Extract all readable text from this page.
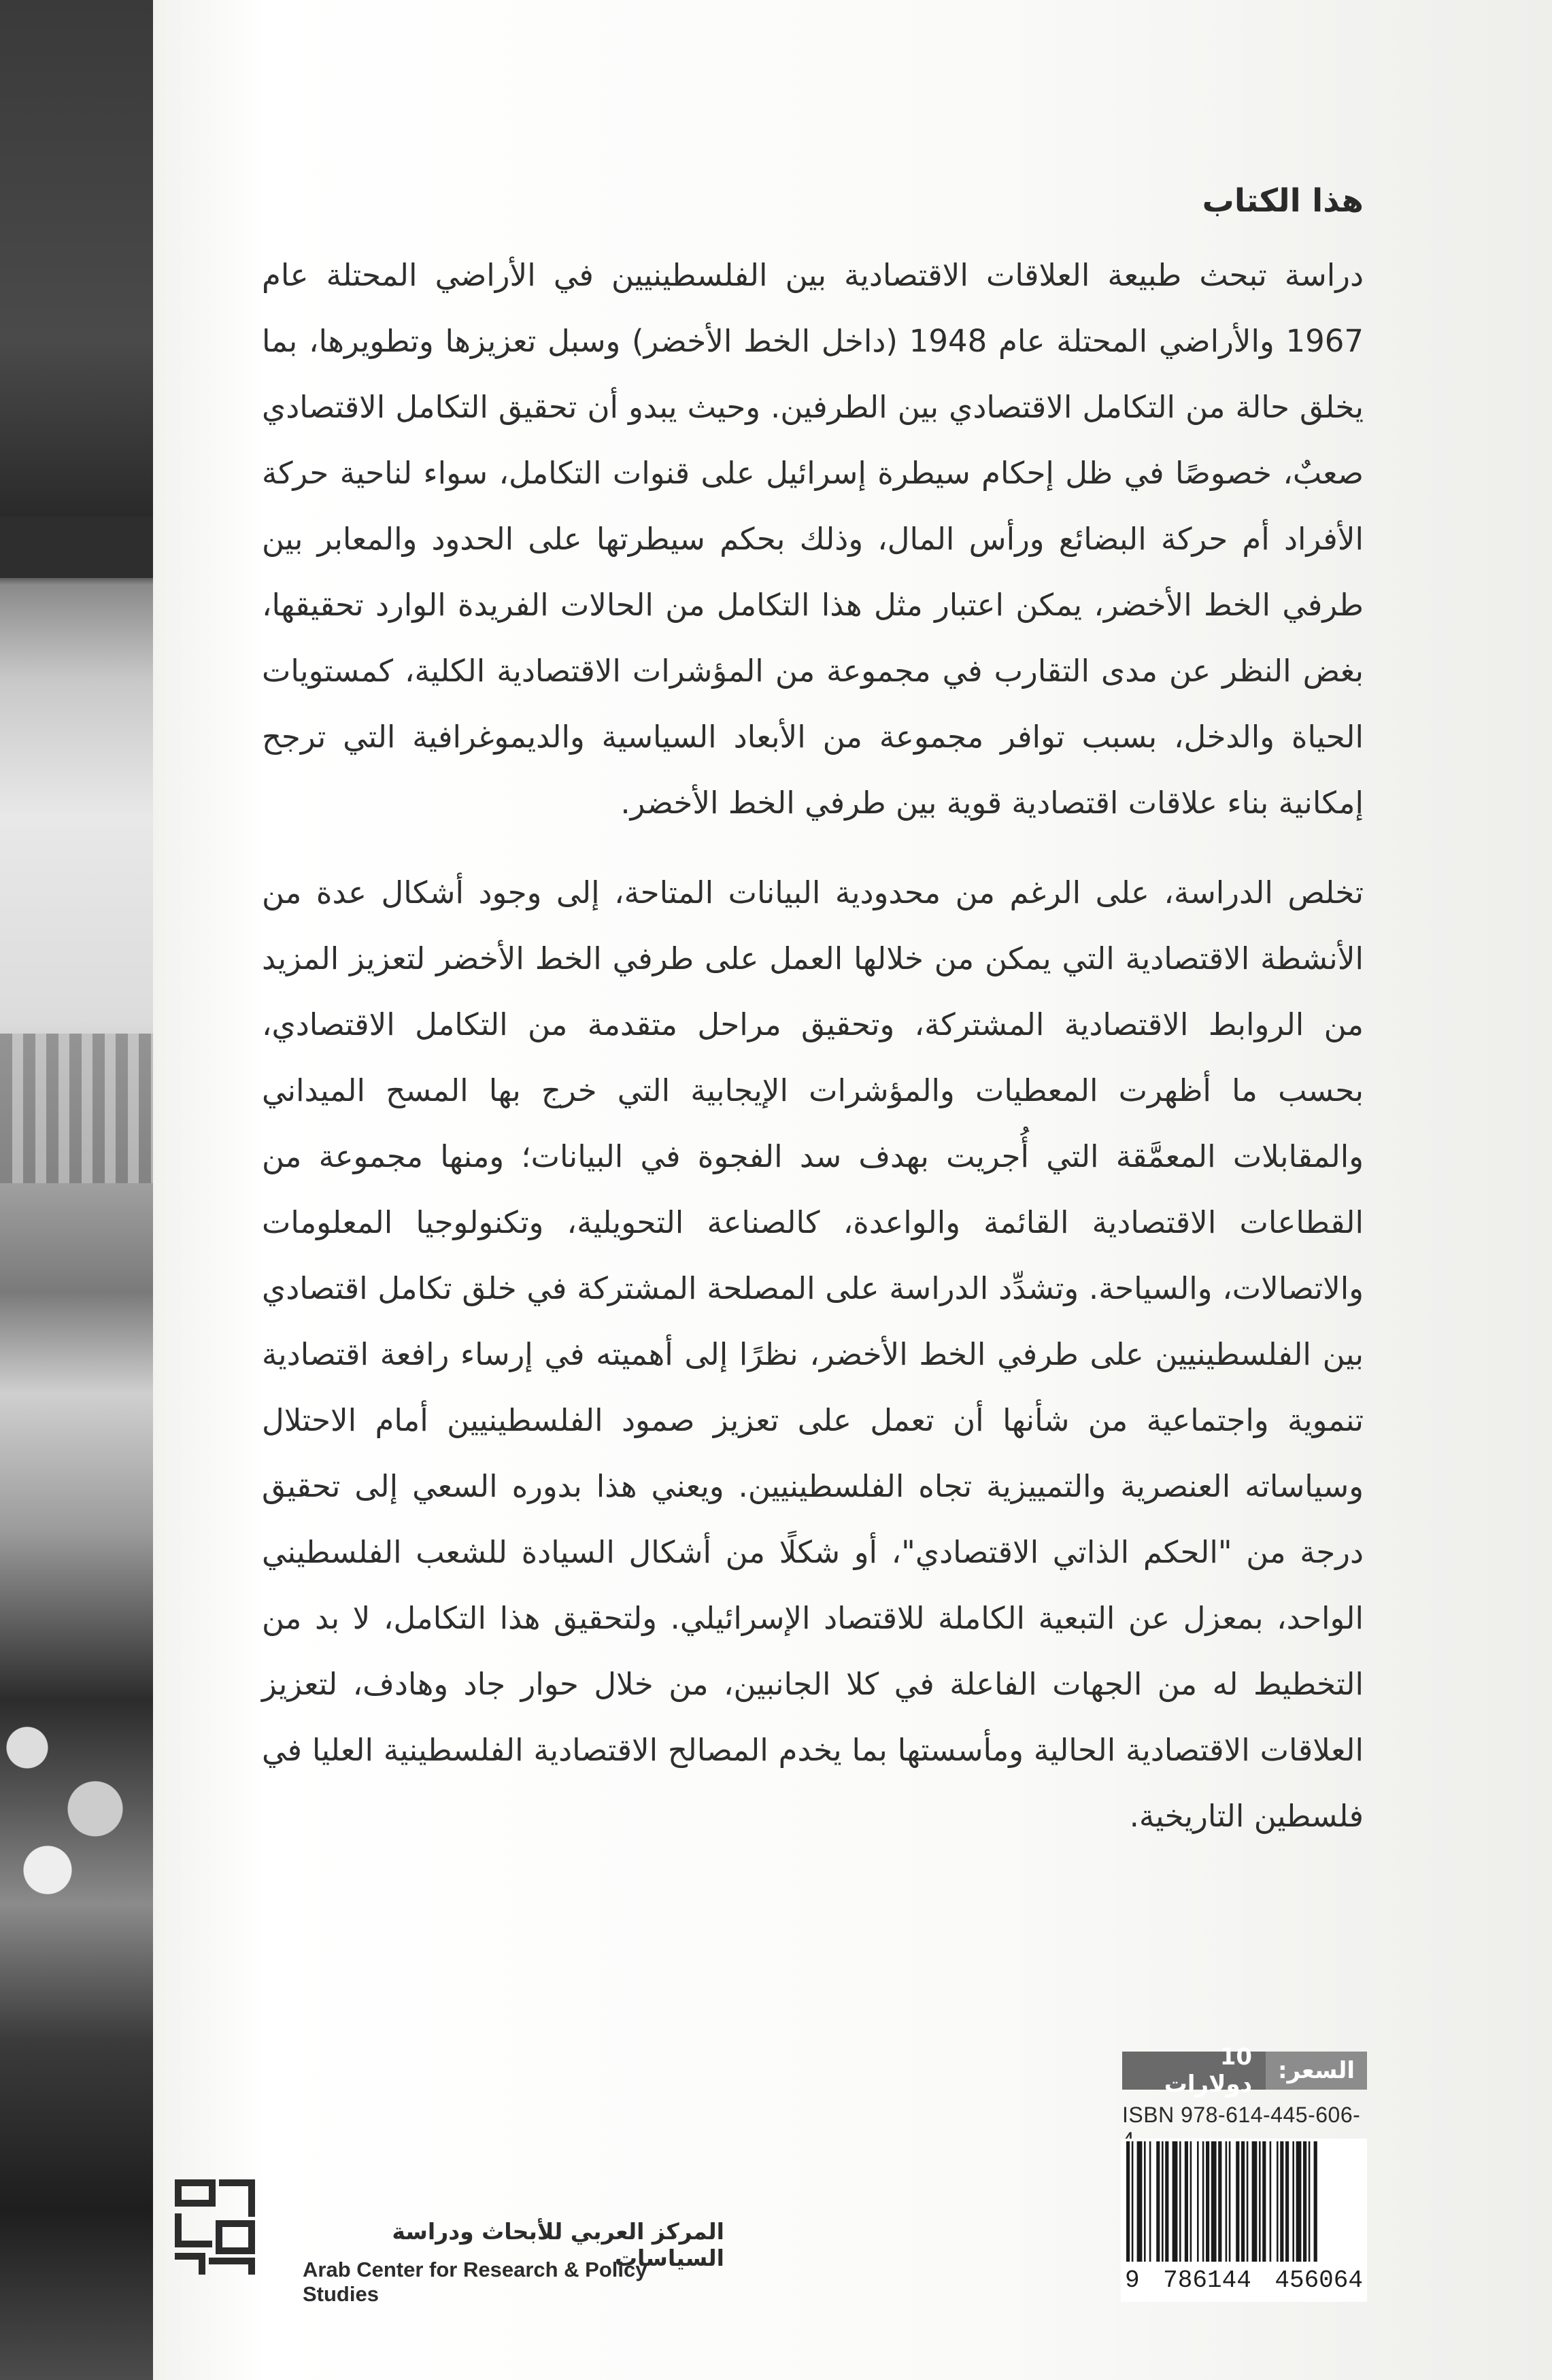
هذا الكتاب

دراسة تبحث طبيعة العلاقات الاقتصادية بين الفلسطينيين في الأراضي المحتلة عام 1967 والأراضي المحتلة عام 1948 (داخل الخط الأخضر) وسبل تعزيزها وتطويرها، بما يخلق حالة من التكامل الاقتصادي بين الطرفين. وحيث يبدو أن تحقيق التكامل الاقتصادي صعبٌ، خصوصًا في ظل إحكام سيطرة إسرائيل على قنوات التكامل، سواء لناحية حركة الأفراد أم حركة البضائع ورأس المال، وذلك بحكم سيطرتها على الحدود والمعابر بين طرفي الخط الأخضر، يمكن اعتبار مثل هذا التكامل من الحالات الفريدة الوارد تحقيقها، بغض النظر عن مدى التقارب في مجموعة من المؤشرات الاقتصادية الكلية، كمستويات الحياة والدخل، بسبب توافر مجموعة من الأبعاد السياسية والديموغرافية التي ترجح إمكانية بناء علاقات اقتصادية قوية بين طرفي الخط الأخضر.

تخلص الدراسة، على الرغم من محدودية البيانات المتاحة، إلى وجود أشكال عدة من الأنشطة الاقتصادية التي يمكن من خلالها العمل على طرفي الخط الأخضر لتعزيز المزيد من الروابط الاقتصادية المشتركة، وتحقيق مراحل متقدمة من التكامل الاقتصادي، بحسب ما أظهرت المعطيات والمؤشرات الإيجابية التي خرج بها المسح الميداني والمقابلات المعمَّقة التي أُجريت بهدف سد الفجوة في البيانات؛ ومنها مجموعة من القطاعات الاقتصادية القائمة والواعدة، كالصناعة التحويلية، وتكنولوجيا المعلومات والاتصالات، والسياحة. وتشدِّد الدراسة على المصلحة المشتركة في خلق تكامل اقتصادي بين الفلسطينيين على طرفي الخط الأخضر، نظرًا إلى أهميته في إرساء رافعة اقتصادية تنموية واجتماعية من شأنها أن تعمل على تعزيز صمود الفلسطينيين أمام الاحتلال وسياساته العنصرية والتمييزية تجاه الفلسطينيين. ويعني هذا بدوره السعي إلى تحقيق درجة من "الحكم الذاتي الاقتصادي"، أو شكلًا من أشكال السيادة للشعب الفلسطيني الواحد، بمعزل عن التبعية الكاملة للاقتصاد الإسرائيلي. ولتحقيق هذا التكامل، لا بد من التخطيط له من الجهات الفاعلة في كلا الجانبين، من خلال حوار جاد وهادف، لتعزيز العلاقات الاقتصادية الحالية ومأسستها بما يخدم المصالح الاقتصادية الفلسطينية العليا في فلسطين التاريخية.

السعر:
10 دولارات
ISBN 978-614-445-606-
9 786144 456064
المركز العربي للأبحاث ودراسة السياسات
Arab Center for Research & Policy Studies
